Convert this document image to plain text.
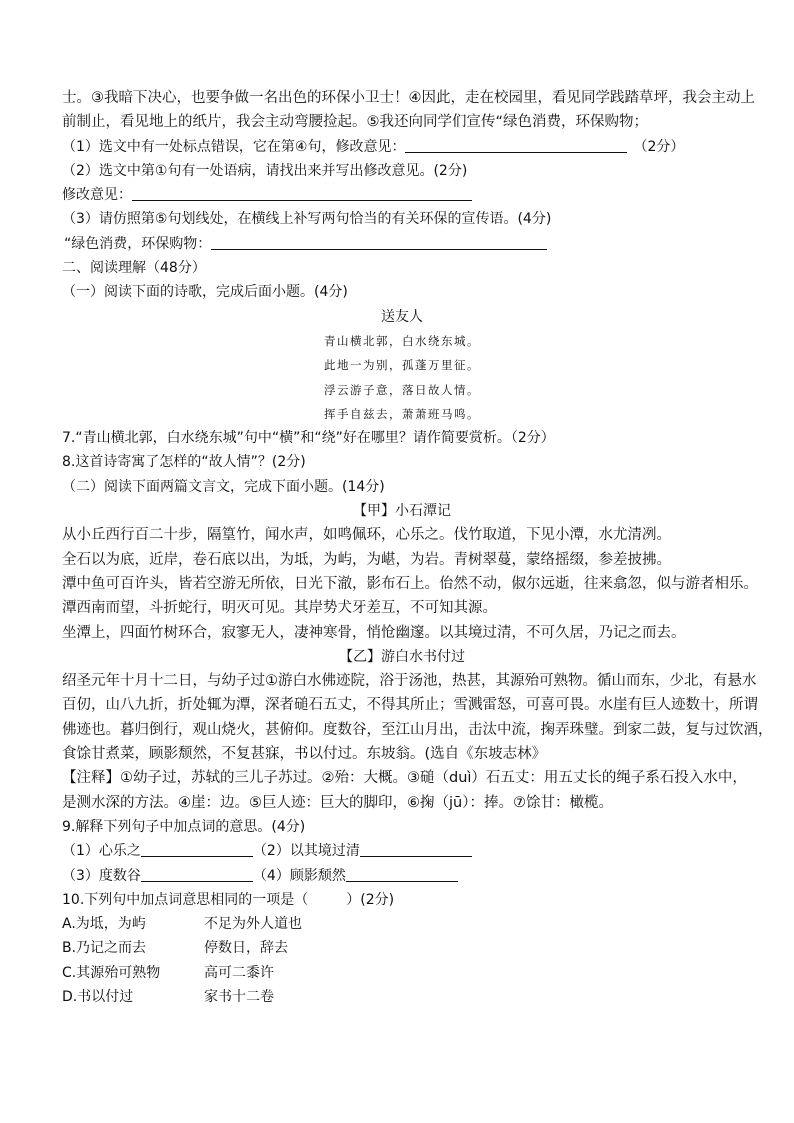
士。③我暗下决心，也要争做一名出色的环保小卫士！④因此，走在校园里，看见同学践踏草坪，我会主动上
前制止，看见地上的纸片，我会主动弯腰捡起。⑤我还向同学们宣传“绿色消费，环保购物；
（1）选文中有一处标点错误，它在第④句，修改意见：	（2分）
（2）选文中第①句有一处语病，请找出来并写出修改意见。(2分)
修改意见：
（3）请仿照第⑤句划线处，在横线上补写两句恰当的有关环保的宣传语。(4分)
“绿色消费，环保购物：
二、阅读理解（48分）
（一）阅读下面的诗歌，完成后面小题。(4分)
送友人
青山横北郭，白水绕东城。
此地一为别，孤蓬万里征。
浮云游子意，落日故人情。
挥手自兹去，萧萧班马鸣。
7.“青山横北郭，白水绕东城”句中“横”和“绕”好在哪里？请作简要赏析。（2分）
8.这首诗寄寓了怎样的“故人情”？(2分)
（二）阅读下面两篇文言文，完成下面小题。(14分)
【甲】小石潭记
从小丘西行百二十步，隔篁竹，闻水声，如鸣佩环，心乐之。伐竹取道，下见小潭，水尤清冽。
全石以为底，近岸，卷石底以出，为坻，为屿，为嵁，为岩。青树翠蔓，蒙络摇缀，参差披拂。
潭中鱼可百许头，皆若空游无所依，日光下澈，影布石上。佁然不动，俶尔远逝，往来翕忽，似与游者相乐。
潭西南而望，斗折蛇行，明灭可见。其岸势犬牙差互，不可知其源。
坐潭上，四面竹树环合，寂寥无人，凄神寒骨，悄怆幽邃。以其境过清，不可久居，乃记之而去。
【乙】游白水书付过
绍圣元年十月十二日，与幼子过①游白水佛迹院，浴于汤池，热甚，其源殆可熟物。循山而东，少北，有悬水
百仞，山八九折，折处辄为潭，深者磓石五丈，不得其所止；雪溅雷怒，可喜可畏。水崖有巨人迹数十，所谓
佛迹也。暮归倒行，观山烧火，甚俯仰。度数谷，至江山月出，击汰中流，掬弄珠璧。到家二鼓，复与过饮酒，
食馀甘煮菜，顾影颓然，不复甚寐，书以付过。东坡翁。(选自《东坡志林》
【注释】①幼子过，苏轼的三儿子苏过。②殆：大概。③磓（duì）石五丈：用五丈长的绳子系石投入水中，
是测水深的方法。④崖：边。⑤巨人迹：巨大的脚印，⑥掬（jū）：捧。⑦馀甘：橄榄。
9.解释下列句子中加点词的意思。(4分)
（1）心乐之	（2）以其境过清
（3）度数谷	（4）顾影颓然
10.下列句中加点词意思相同的一项是（	）(2分)
A.为坻，为屿	不足为外人道也
B.乃记之而去	停数日，辞去
C.其源殆可熟物	高可二黍许
D.书以付过	家书十二卷
